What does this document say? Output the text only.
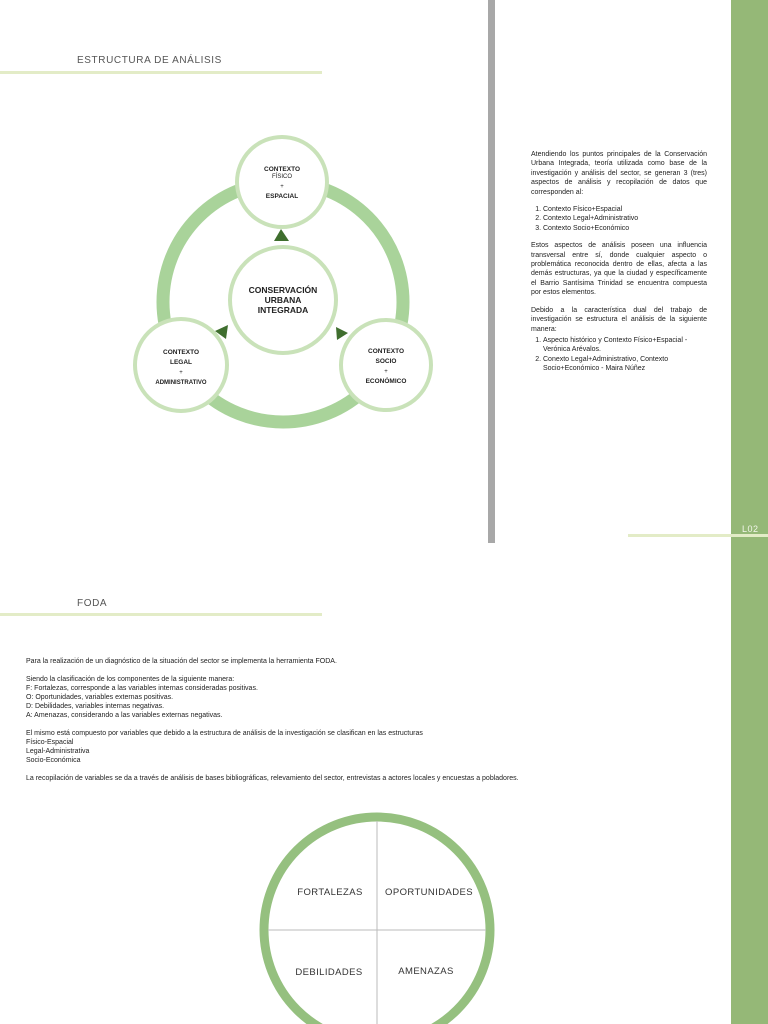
L02
ESTRUCTURA DE ANÁLISIS
CONSERVACIÓN
URBANA
INTEGRADA
CONTEXTO
FÍSICO
+
ESPACIAL
CONTEXTO
LEGAL
+
ADMINISTRATIVO
CONTEXTO
SOCIO
+
ECONÓMICO

Atendiendo los puntos principales de la Conservación Urbana Integrada, teoría utilizada como base de la investigación y análisis del sector, se generan 3 (tres) aspectos de análisis y recopilación de datos que corresponden al:

1. Contexto Físico+Espacial
2. Contexto Legal+Administrativo
3. Contexto Socio+Económico

Estos aspectos de análisis poseen una influencia transversal entre sí, donde cualquier aspecto o problemática reconocida dentro de ellas, afecta a las demás estructuras, ya que la ciudad y específicamente el Barrio Santísima Trinidad se encuentra compuesta por estos elementos.

Debido a la característica dual del trabajo de investigación se estructura el análisis de la siguiente manera:

1. Aspecto histórico y Contexto Físico+Espacial - Verónica Arévalos.
2. Conexto Legal+Administrativo, Contexto Socio+Económico - Maira Núñez
FODA

Para la realización de un diagnóstico de la situación del sector se implementa la herramienta FODA.

Siendo la clasificación de los componentes de la siguiente manera:
F: Fortalezas, corresponde a las variables internas consideradas positivas.
O: Oportunidades, variables externas positivas.
D: Debilidades, variables internas negativas.
A: Amenazas, considerando a las variables externas negativas.

El mismo está compuesto por variables que debido a la estructura de análisis de la investigación se clasifican en las estructuras
Físico-Espacial
Legal-Administrativa
Socio-Económica

La recopilación de variables se da a través de análisis de bases bibliográficas, relevamiento del sector, entrevistas a actores locales y encuestas a pobladores.

FORTALEZAS OPORTUNIDADES
DEBILIDADES	AMENAZAS
